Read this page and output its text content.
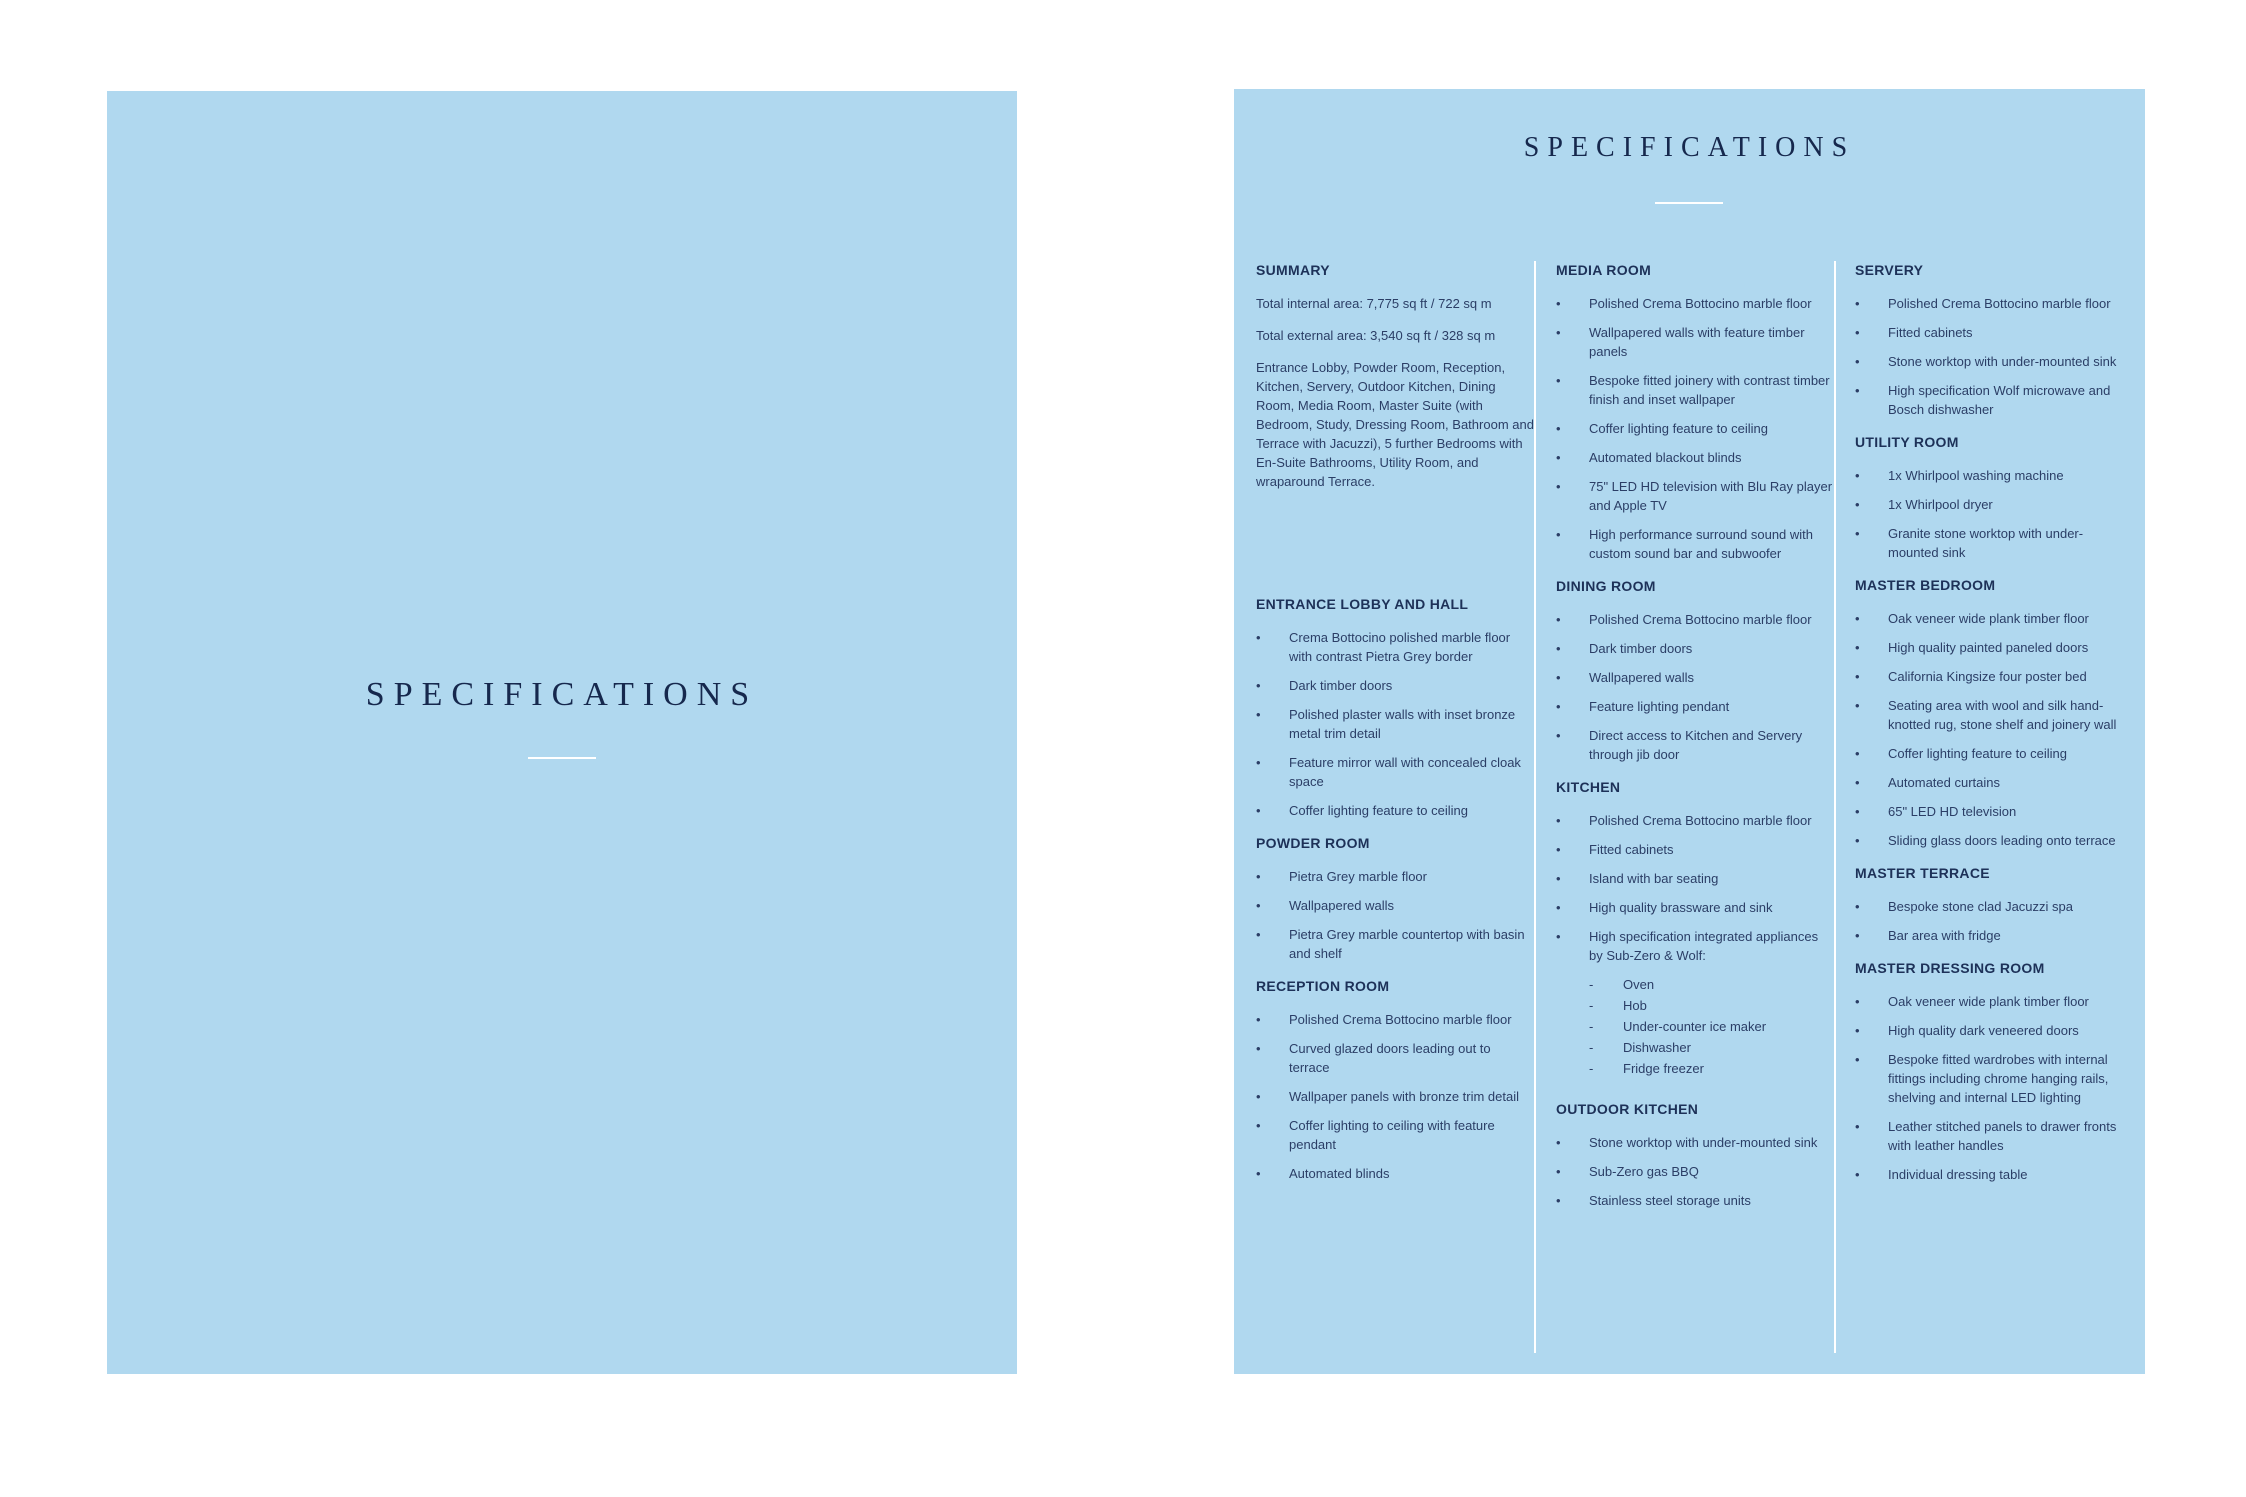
SPECIFICATIONS
SPECIFICATIONS
SUMMARY
Total internal area: 7,775 sq ft / 722 sq m
Total external area: 3,540 sq ft / 328 sq m
Entrance Lobby, Powder Room, Reception, Kitchen, Servery, Outdoor Kitchen, Dining Room, Media Room, Master Suite (with Bedroom, Study, Dressing Room, Bathroom and Terrace with Jacuzzi), 5 further Bedrooms with En-Suite Bathrooms, Utility Room, and wraparound Terrace.
ENTRANCE LOBBY AND HALL
•	Crema Bottocino polished marble floor with contrast Pietra Grey border
•	Dark timber doors
•	Polished plaster walls with inset bronze metal trim detail
•	Feature mirror wall with concealed cloak space
•	Coffer lighting feature to ceiling
POWDER ROOM
•	Pietra Grey marble floor
•	Wallpapered walls
•	Pietra Grey marble countertop with basin and shelf
RECEPTION ROOM
•	Polished Crema Bottocino marble floor
•	Curved glazed doors leading out to terrace
•	Wallpaper panels with bronze trim detail
•	Coffer lighting to ceiling with feature pendant
•	Automated blinds
MEDIA ROOM
•	Polished Crema Bottocino marble floor
•	Wallpapered walls with feature timber panels
•	Bespoke fitted joinery with contrast timber finish and inset wallpaper
•	Coffer lighting feature to ceiling
•	Automated blackout blinds
•	75" LED HD television with Blu Ray player and Apple TV
•	High performance surround sound with custom sound bar and subwoofer
DINING ROOM
•	Polished Crema Bottocino marble floor
•	Dark timber doors
•	Wallpapered walls
•	Feature lighting pendant
•	Direct access to Kitchen and Servery through jib door
KITCHEN
•	Polished Crema Bottocino marble floor
•	Fitted cabinets
•	Island with bar seating
•	High quality brassware and sink
•	High specification integrated appliances by Sub-Zero & Wolf:
- Oven
- Hob
- Under-counter ice maker
- Dishwasher
- Fridge freezer
OUTDOOR KITCHEN
•	Stone worktop with under-mounted sink
•	Sub-Zero gas BBQ
•	Stainless steel storage units
SERVERY
•	Polished Crema Bottocino marble floor
•	Fitted cabinets
•	Stone worktop with under-mounted sink
•	High specification Wolf microwave and Bosch dishwasher
UTILITY ROOM
•	1x Whirlpool washing machine
•	1x Whirlpool dryer
•	Granite stone worktop with under-mounted sink
MASTER BEDROOM
•	Oak veneer wide plank timber floor
•	High quality painted paneled doors
•	California Kingsize four poster bed
•	Seating area with wool and silk hand-knotted rug, stone shelf and joinery wall
•	Coffer lighting feature to ceiling
•	Automated curtains
•	65" LED HD television
•	Sliding glass doors leading onto terrace
MASTER TERRACE
•	Bespoke stone clad Jacuzzi spa
•	Bar area with fridge
MASTER DRESSING ROOM
•	Oak veneer wide plank timber floor
•	High quality dark veneered doors
•	Bespoke fitted wardrobes with internal fittings including chrome hanging rails, shelving and internal LED lighting
•	Leather stitched panels to drawer fronts with leather handles
•	Individual dressing table
